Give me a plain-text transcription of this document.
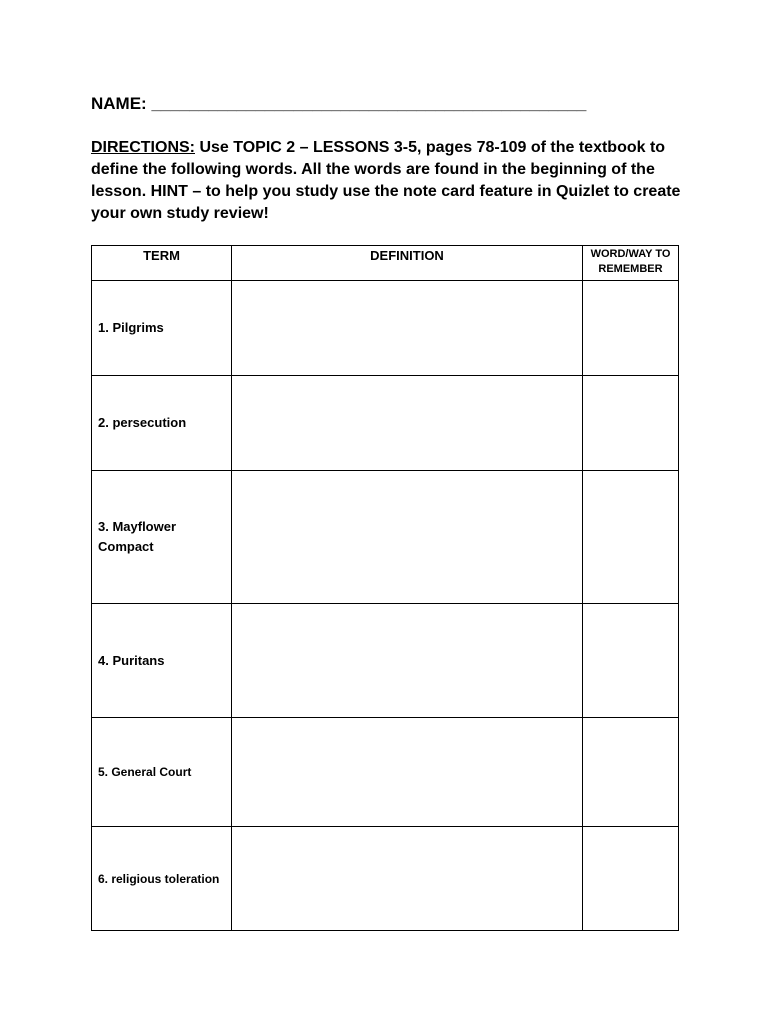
NAME: ______________________________________________
DIRECTIONS: Use TOPIC 2 – LESSONS 3-5, pages 78-109 of the textbook to define the following words. All the words are found in the beginning of the lesson. HINT – to help you study use the note card feature in Quizlet to create your own study review!
TERM	DEFINITION	WORD/WAY TO REMEMBER
1. Pilgrims		
2. persecution		
3. Mayflower Compact		
4. Puritans		
5. General Court		
6. religious toleration		
